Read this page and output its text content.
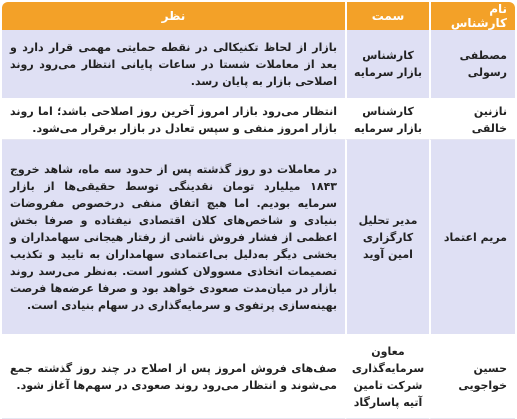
نام کارشناس	سمت	نظر
مصطفی رسولی	کارشناس بازار سرمایه	بازار از لحاظ تکنیکالی در نقطه حمایتی مهمی قرار دارد و بعد از معاملات شستا در ساعات پایانی انتظار می‌رود روند اصلاحی بازار به پایان رسد.
نازنین خالقی	کارشناس بازار سرمایه	انتظار می‌رود بازار امروز آخرین روز اصلاحی باشد؛ اما روند بازار امروز منفی و سپس تعادل در بازار برقرار می‌شود.
مریم اعتماد	مدیر تحلیل کارگزاری امین آوید	در معاملات دو روز گذشته پس از حدود سه ماه، شاهد خروج ۱۸۴۳ میلیارد تومان نقدینگی توسط حقیقی‌ها از بازار سرمایه بودیم. اما هیچ اتفاق منفی درخصوص مفروضات بنیادی و شاخص‌های کلان اقتصادی نیفتاده و صرفا بخش اعظمی از فشار فروش ناشی از رفتار هیجانی سهامداران و بخشی دیگر به‌دلیل بی‌اعتمادی سهامداران به تایید و تکذیب تصمیمات اتخاذی مسوولان کشور است. به‌نظر می‌رسد روند بازار در میان‌مدت صعودی خواهد بود و صرفا عرضه‌ها فرصت بهینه‌سازی پرتفوی و سرمایه‌گذاری در سهام بنیادی است.
حسین خواجویی	معاون سرمایه‌گذاری شرکت تامین آتیه پاسارگاد	صف‌های فروش امروز پس از اصلاح در چند روز گذشته جمع می‌شوند و انتظار می‌رود روند صعودی در سهم‌ها آغاز شود.
